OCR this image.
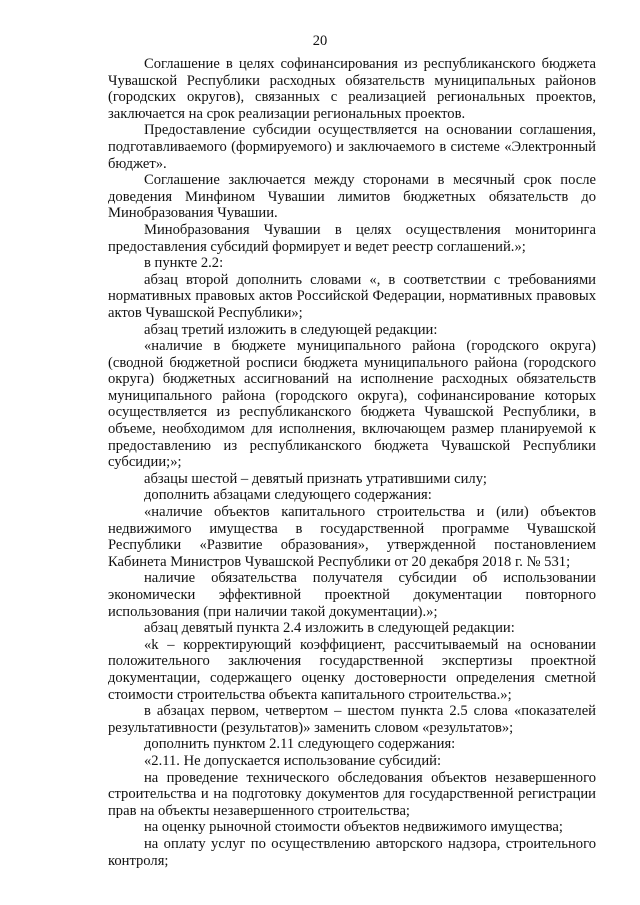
20

Соглашение в целях софинансирования из республиканского бюджета Чувашской Республики расходных обязательств муниципальных районов (городских округов), связанных с реализацией региональных проектов, заключается на срок реализации региональных проектов.

Предоставление субсидии осуществляется на основании соглашения, подготавливаемого (формируемого) и заключаемого в системе «Электронный бюджет».

Соглашение заключается между сторонами в месячный срок после доведения Минфином Чувашии лимитов бюджетных обязательств до Минобразования Чувашии.

Минобразования Чувашии в целях осуществления мониторинга предоставления субсидий формирует и ведет реестр соглашений.»;

в пункте 2.2:

абзац второй дополнить словами «, в соответствии с требованиями нормативных правовых актов Российской Федерации, нормативных правовых актов Чувашской Республики»;

абзац третий изложить в следующей редакции:

«наличие в бюджете муниципального района (городского округа) (сводной бюджетной росписи бюджета муниципального района (городского округа) бюджетных ассигнований на исполнение расходных обязательств муниципального района (городского округа), софинансирование которых осуществляется из республиканского бюджета Чувашской Республики, в объеме, необходимом для исполнения, включающем размер планируемой к предоставлению из республиканского бюджета Чувашской Республики субсидии;»;

абзацы шестой – девятый признать утратившими силу;

дополнить абзацами следующего содержания:

«наличие объектов капитального строительства и (или) объектов недвижимого имущества в государственной программе Чувашской Республики «Развитие образования», утвержденной постановлением Кабинета Министров Чувашской Республики от 20 декабря 2018 г. № 531;

наличие обязательства получателя субсидии об использовании экономически эффективной проектной документации повторного использования (при наличии такой документации).»;

абзац девятый пункта 2.4 изложить в следующей редакции:

«k – корректирующий коэффициент, рассчитываемый на основании положительного заключения государственной экспертизы проектной документации, содержащего оценку достоверности определения сметной стоимости строительства объекта капитального строительства.»;

в абзацах первом, четвертом – шестом пункта 2.5 слова «показателей результативности (результатов)» заменить словом «результатов»;

дополнить пунктом 2.11 следующего содержания:

«2.11. Не допускается использование субсидий:

на проведение технического обследования объектов незавершенного строительства и на подготовку документов для государственной регистрации прав на объекты незавершенного строительства;

на оценку рыночной стоимости объектов недвижимого имущества;

на оплату услуг по осуществлению авторского надзора, строительного контроля;
